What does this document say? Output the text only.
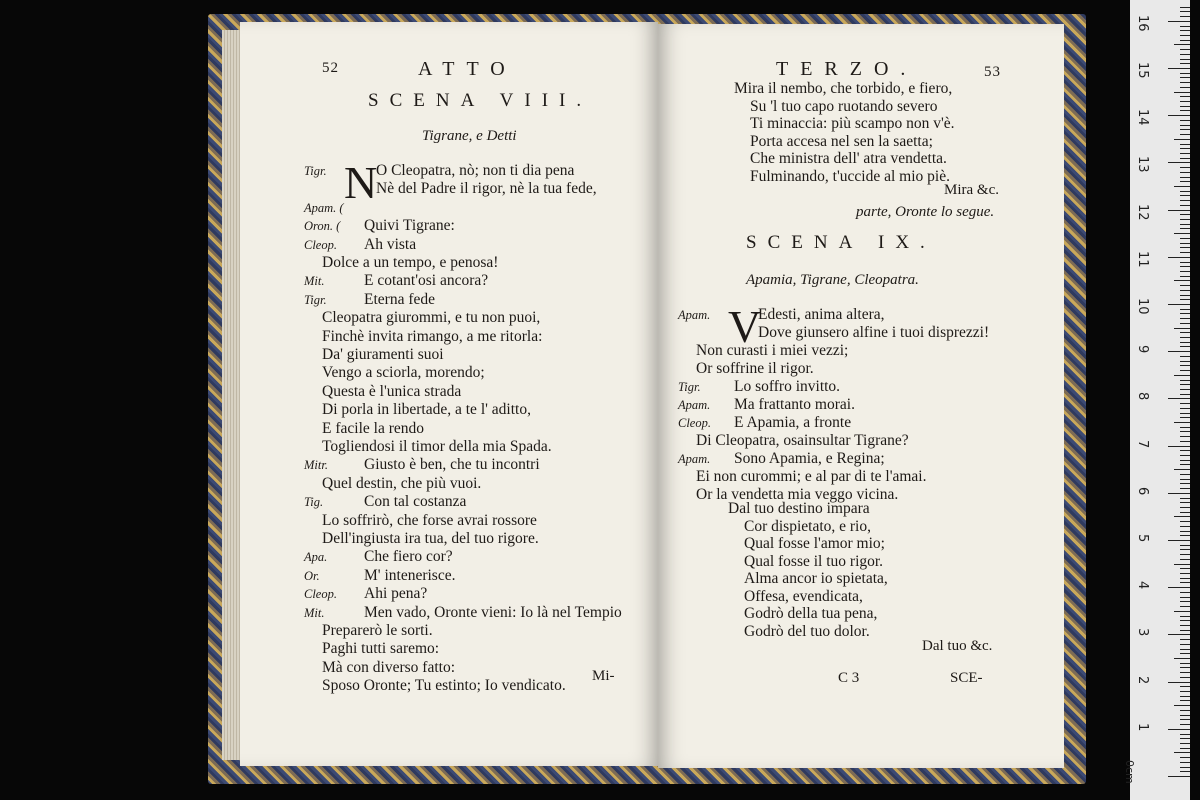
52	ATTO
SCENA VIII.
Tigrane, e Detti
N
Tigr.	O Cleopatra, nò; non ti dia pena
Nè del Padre il rigor, nè la tua fede,
Apam. (
Oron. ( Quivi Tigrane:
Cleop. Ah vista
Dolce a un tempo, e penosa!
Mit.	E cotant'osi ancora?
Tigr. Eterna fede
Cleopatra giurommi, e tu non puoi,
Finchè invita rimango, a me ritorla:
Da' giuramenti suoi
Vengo a sciorla, morendo;
Questa è l'unica strada
Di porla in libertade, a te l' aditto,
E facile la rendo
Togliendosi il timor della mia Spada.
Mitr. Giusto è ben, che tu incontri
Quel destin, che più vuoi.
Tig.	Con tal costanza
Lo soffrirò, che forse avrai rossore
Dell'ingiusta ira tua, del tuo rigore.
Apa. Che fiero cor?
Or.	M' intenerisce.
Cleop. Ahi pena?
Mit.	Men vado, Oronte vieni: Io là nel Tempio
Preparerò le sorti.
Paghi tutti saremo:
Mà con diverso fatto:
Sposo Oronte; Tu estinto; Io vendicato.
Mi-
TERZO.	53
Mira il nembo, che torbido, e fiero,
Su 'l tuo capo ruotando severo
Ti minaccia: più scampo non v'è.
Porta accesa nel sen la saetta;
Che ministra dell' atra vendetta.
Fulminando, t'uccide al mio piè.
Mira &c.
parte, Oronte lo segue.
SCENA IX.
Apamia, Tigrane, Cleopatra.
V
Apam.	Edesti, anima altera,
Dove giunsero alfine i tuoi disprezzi!
Non curasti i miei vezzi;
Or soffrine il rigor.
Tigr. Lo soffro invitto.
Apam. Ma frattanto morai.
Cleop. E Apamia, a fronte
Di Cleopatra, osainsultar Tigrane?
Apam. Sono Apamia, e Regina;
Ei non curommi; e al par di te l'amai.
Or la vendetta mia veggo vicina.
Dal tuo destino impara
Cor dispietato, e rio,
Qual fosse l'amor mio;
Qual fosse il tuo rigor.
Alma ancor io spietata,
Offesa, evendicata,
Godrò della tua pena,
Godrò del tuo dolor.
Dal tuo &c.
C 3	SCE-
0cm
1
2
3
4
5
6
7
8
9
10
11
12
13
14
15
16
